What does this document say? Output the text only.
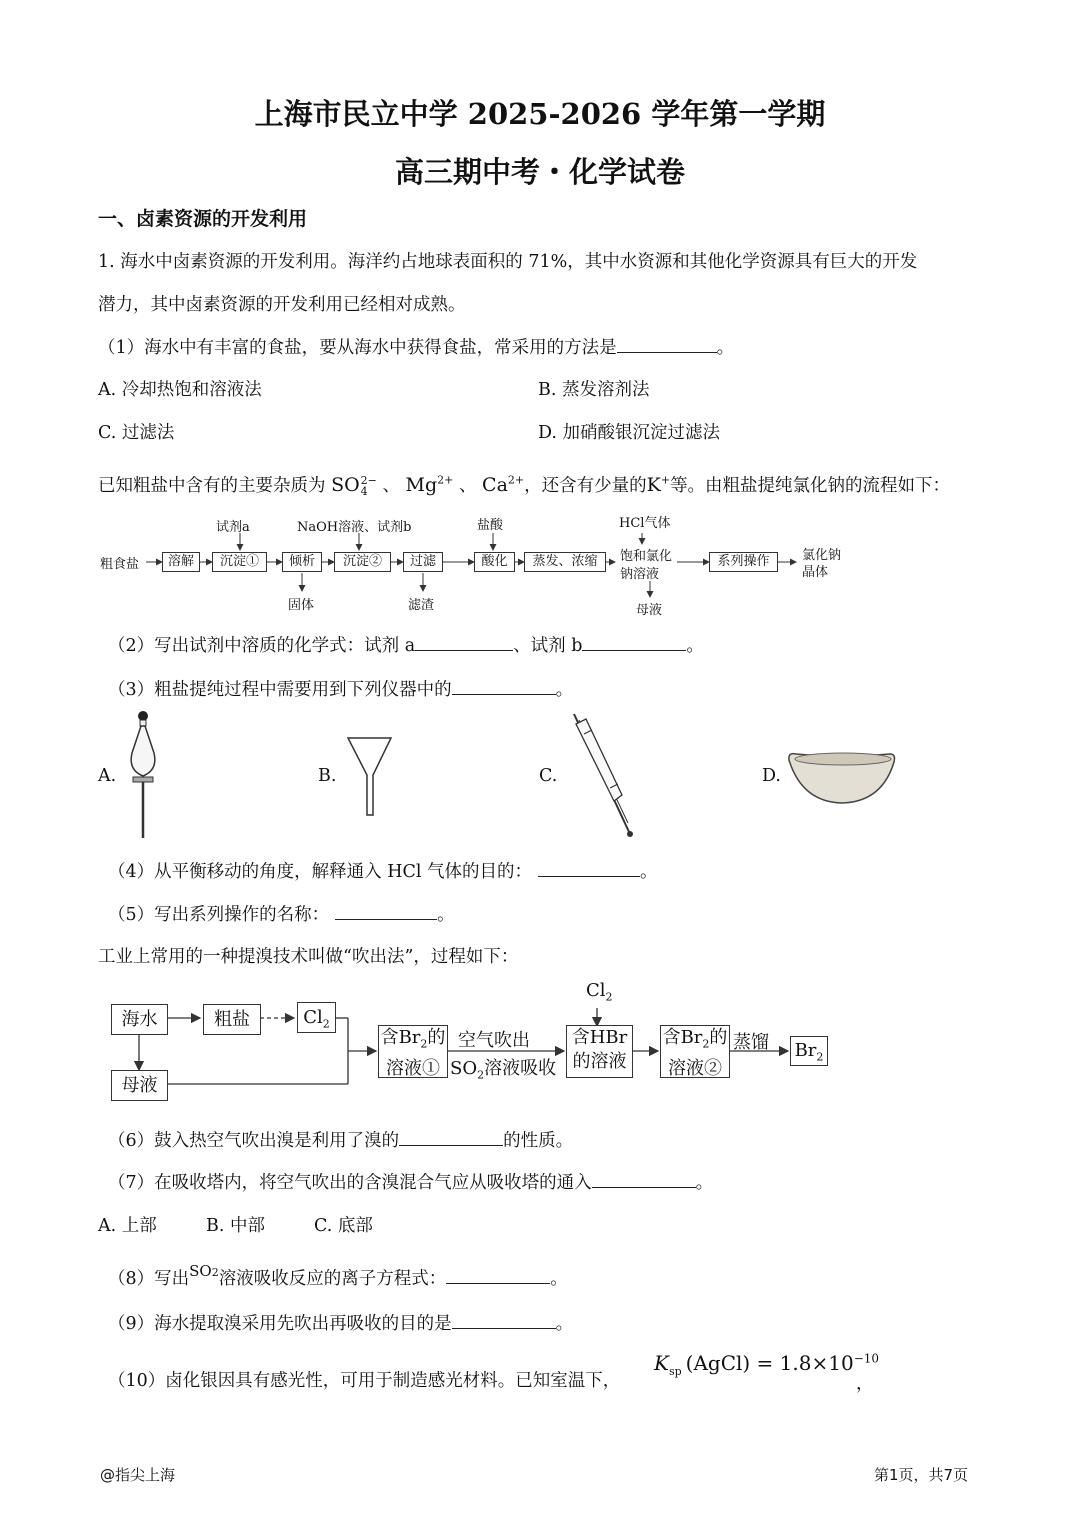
上海市民立中学 2025-2026 学年第一学期
高三期中考・化学试卷
一、卤素资源的开发利用
1. 海水中卤素资源的开发利用。海洋约占地球表面积的 71%，其中水资源和其他化学资源具有巨大的开发
潜力，其中卤素资源的开发利用已经相对成熟。
（1）海水中有丰富的食盐，要从海水中获得食盐，常采用的方法是	。
A. 冷却热饱和溶液法	B. 蒸发溶剂法
C. 过滤法	D. 加硝酸银沉淀过滤法
已知粗盐中含有的主要杂质为 SO 2−
4 、 $Mg^{2+}$ 、 $Ca^{2+}$，还含有少量的K+等。由粗盐提纯氯化钠的流程如下：
粗食盐	溶解	沉淀①	倾析	沉淀②	过滤	酸化	蒸发、浓缩	系列操作
试剂a	NaOH溶液、试剂b	盐酸	HCl气体
饱和氯化
钠溶液
固体	滤渣	母液
氯化钠
晶体
（2）写出试剂中溶质的化学式：试剂 a	、试剂 b	。
（3）粗盐提纯过程中需要用到下列仪器中的	。
A.	B.	C.	D.
（4）从平衡移动的角度，解释通入 HCl 气体的目的：	。
（5）写出系列操作的名称：	。
工业上常用的一种提溴技术叫做“吹出法”，过程如下：
海水	粗盐	$Cl_2$
母液
含$Br_2$的
溶液①
空气吹出
$SO_2$溶液吸收
$Cl_2$
含HBr
的溶液
含$Br_2$的
溶液②
蒸馏 $Br_2$
（6）鼓入热空气吹出溴是利用了溴的	的性质。
（7）在吸收塔内，将空气吹出的含溴混合气应从吸收塔的通入	。
A. 上部	B. 中部	C. 底部
（8）写出SO2溶液吸收反应的离子方程式：	。
（9）海水提取溴采用先吹出再吸收的目的是	。
（10）卤化银因具有感光性，可用于制造感光材料。已知室温下，
$K_{sp}$ (AgCl) = $1.8\times 10^{-10}$
，
@指尖上海	第1页，共7页
